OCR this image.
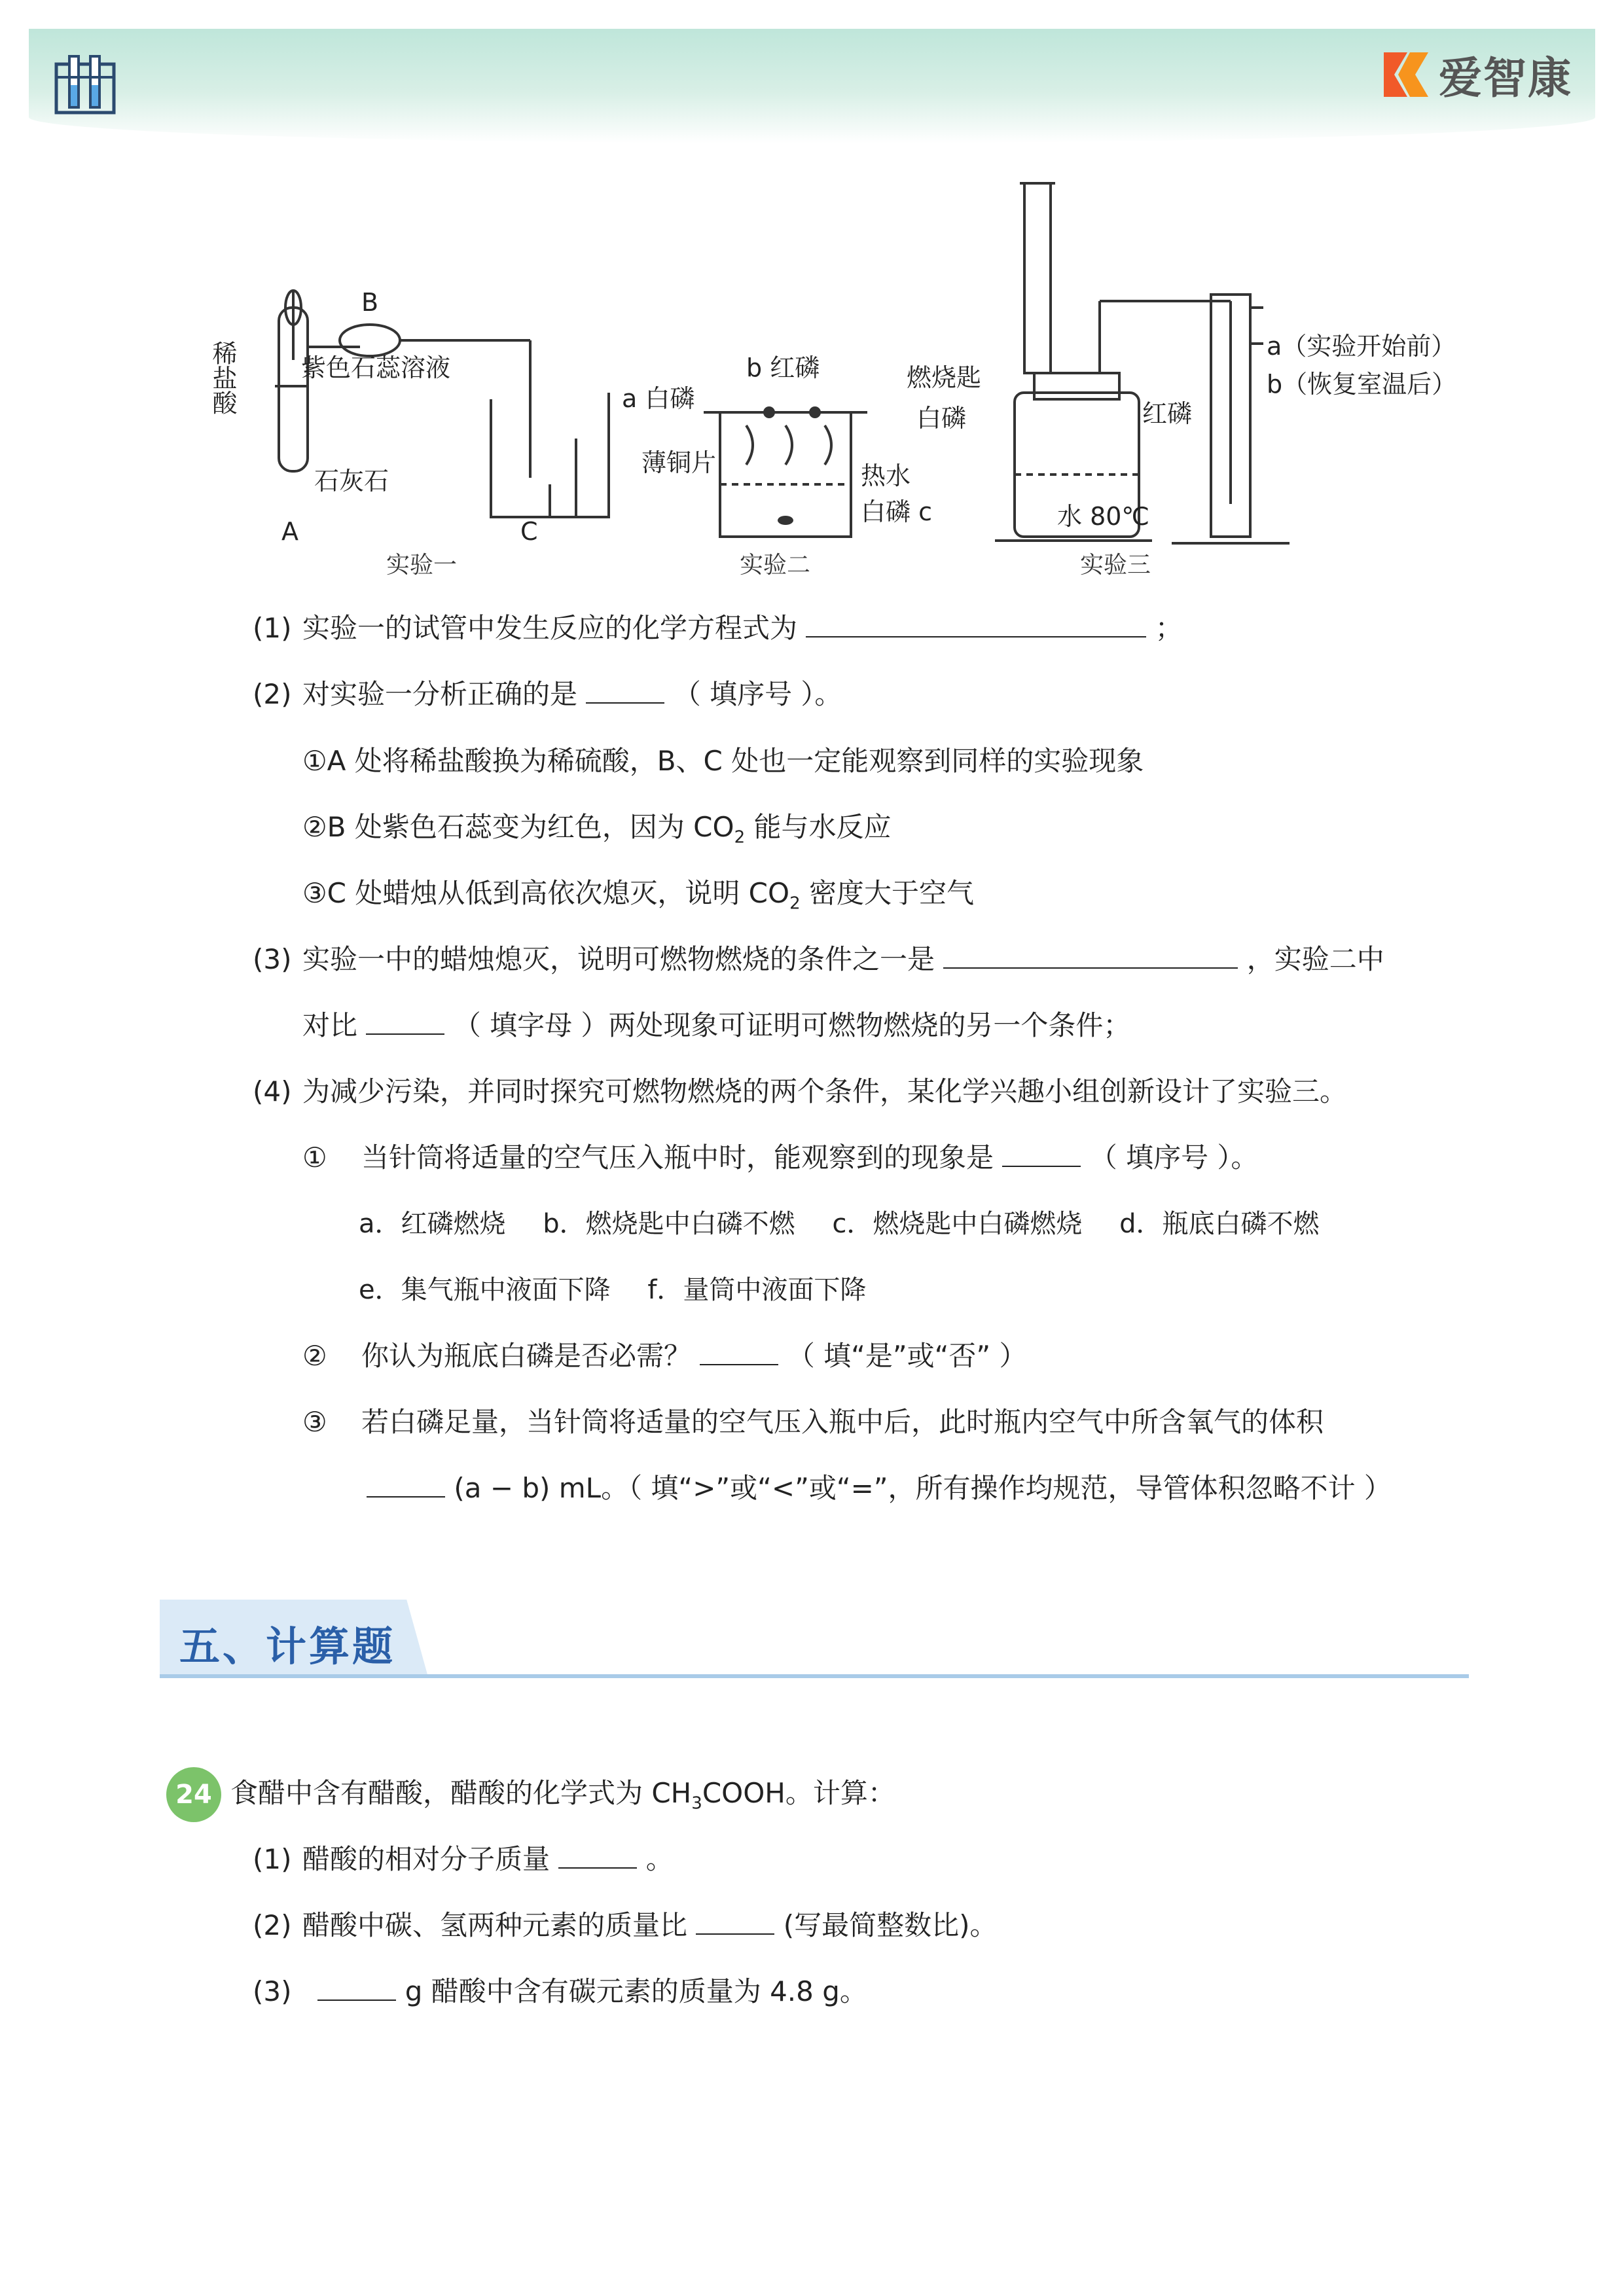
爱智康
稀盐酸	紫色石蕊溶液
石灰石
A
B
C
实验一
b 红磷
a 白磷
薄铜片	热水
白磷 c
实验二
燃烧匙
白磷	红磷
水 80℃
a（实验开始前）
b（恢复室温后）
实验三
(1) 实验一的试管中发生反应的化学方程式为	；
(2) 对实验一分析正确的是	（ 填序号 ）。
①A 处将稀盐酸换为稀硫酸，B、C 处也一定能观察到同样的实验现象
②B 处紫色石蕊变为红色，因为 $CO_2$ 能与水反应
③C 处蜡烛从低到高依次熄灭，说明 $CO_2$ 密度大于空气
(3) 实验一中的蜡烛熄灭，说明可燃物燃烧的条件之一是	，实验二中
对比	（ 填字母 ）两处现象可证明可燃物燃烧的另一个条件；
(4) 为减少污染，并同时探究可燃物燃烧的两个条件，某化学兴趣小组创新设计了实验三。
① 当针筒将适量的空气压入瓶中时，能观察到的现象是	（ 填序号 ）。
a．红磷燃烧 b．燃烧匙中白磷不燃 c．燃烧匙中白磷燃烧 d．瓶底白磷不燃
e．集气瓶中液面下降 f．量筒中液面下降
② 你认为瓶底白磷是否必需？	（ 填“是”或“否” ）
③ 若白磷足量，当针筒将适量的空气压入瓶中后，此时瓶内空气中所含氧气的体积
(a − b) mL。（ 填“>”或“<”或“=”，所有操作均规范，导管体积忽略不计 ）
五、计算题
24 食醋中含有醋酸，醋酸的化学式为 $CH_3COOH$。计算：
(1) 醋酸的相对分子质量	。
(2) 醋酸中碳、氢两种元素的质量比	(写最简整数比)。
(3)	g 醋酸中含有碳元素的质量为 4.8 g。
